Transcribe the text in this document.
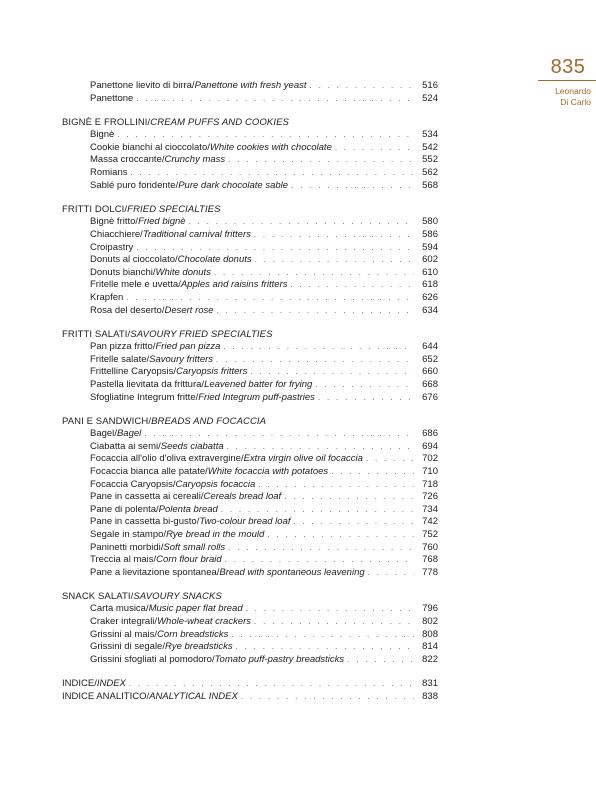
835
Leonardo
Di Carlo
Panettone lievito di birra/Panettone with fresh yeast . . .	516
Panettone . . .	524
BIGNÈ E FROLLINI/CREAM PUFFS AND COOKIES
Bignè . . .	534
Cookie bianchi al cioccolato/White cookies with chocolate . . .	542
Massa croccante/Crunchy mass . . .	552
Romians . . .	562
Sablé puro fondente/Pure dark chocolate sable . . .	568
FRITTI DOLCI/FRIED SPECIALTIES
Bignè fritto/Fried bignè . . .	580
Chiacchiere/Traditional carnival fritters . . .	586
Croipastry . . .	594
Donuts al cioccolato/Chocolate donuts . . .	602
Donuts bianchi/White donuts . . .	610
Fritelle mele e uvetta/Apples and raisins fritters . . .	618
Krapfen . . .	626
Rosa del deserto/Desert rose . . .	634
FRITTI SALATI/SAVOURY FRIED SPECIALTIES
Pan pizza fritto/Fried pan pizza . . .	644
Fritelle salate/Savoury fritters . . .	652
Frittelline Caryopsis/Caryopsis fritters . . .	660
Pastella lievitata da frittura/Leavened batter for frying . . .	668
Sfogliatine Integrum fritte/Fried Integrum puff-pastries . . .	676
PANI E SANDWICH/BREADS AND FOCACCIA
Bagel/Bagel . . .	686
Ciabatta ai semi/Seeds ciabatta . . .	694
Focaccia all'olio d'oliva extravergine/Extra virgin olive oil focaccia . . .	702
Focaccia bianca alle patate/White focaccia with potatoes . . .	710
Focaccia Caryopsis/Caryopsis focaccia . . .	718
Pane in cassetta ai cereali/Cereals bread loaf . . .	726
Pane di polenta/Polenta bread . . .	734
Pane in cassetta bi-gusto/Two-colour bread loaf . . .	742
Segale in stampo/Rye bread in the mould . . .	752
Paninetti morbidi/Soft small rolls . . .	760
Treccia al mais/Corn flour braid . . .	768
Pane a lievitazione spontanea/Bread with spontaneous leavening . . .	778
SNACK SALATI/SAVOURY SNACKS
Carta musica/Music paper flat bread . . .	796
Craker integrali/Whole-wheat crackers . . .	802
Grissini al mais/Corn breadsticks . . .	808
Grissini di segale/Rye breadsticks . . .	814
Grissini sfogliati al pomodoro/Tomato puff-pastry breadsticks . . .	822
INDICE/INDEX . . .	831
INDICE ANALITICO/ANALYTICAL INDEX . . .	838
